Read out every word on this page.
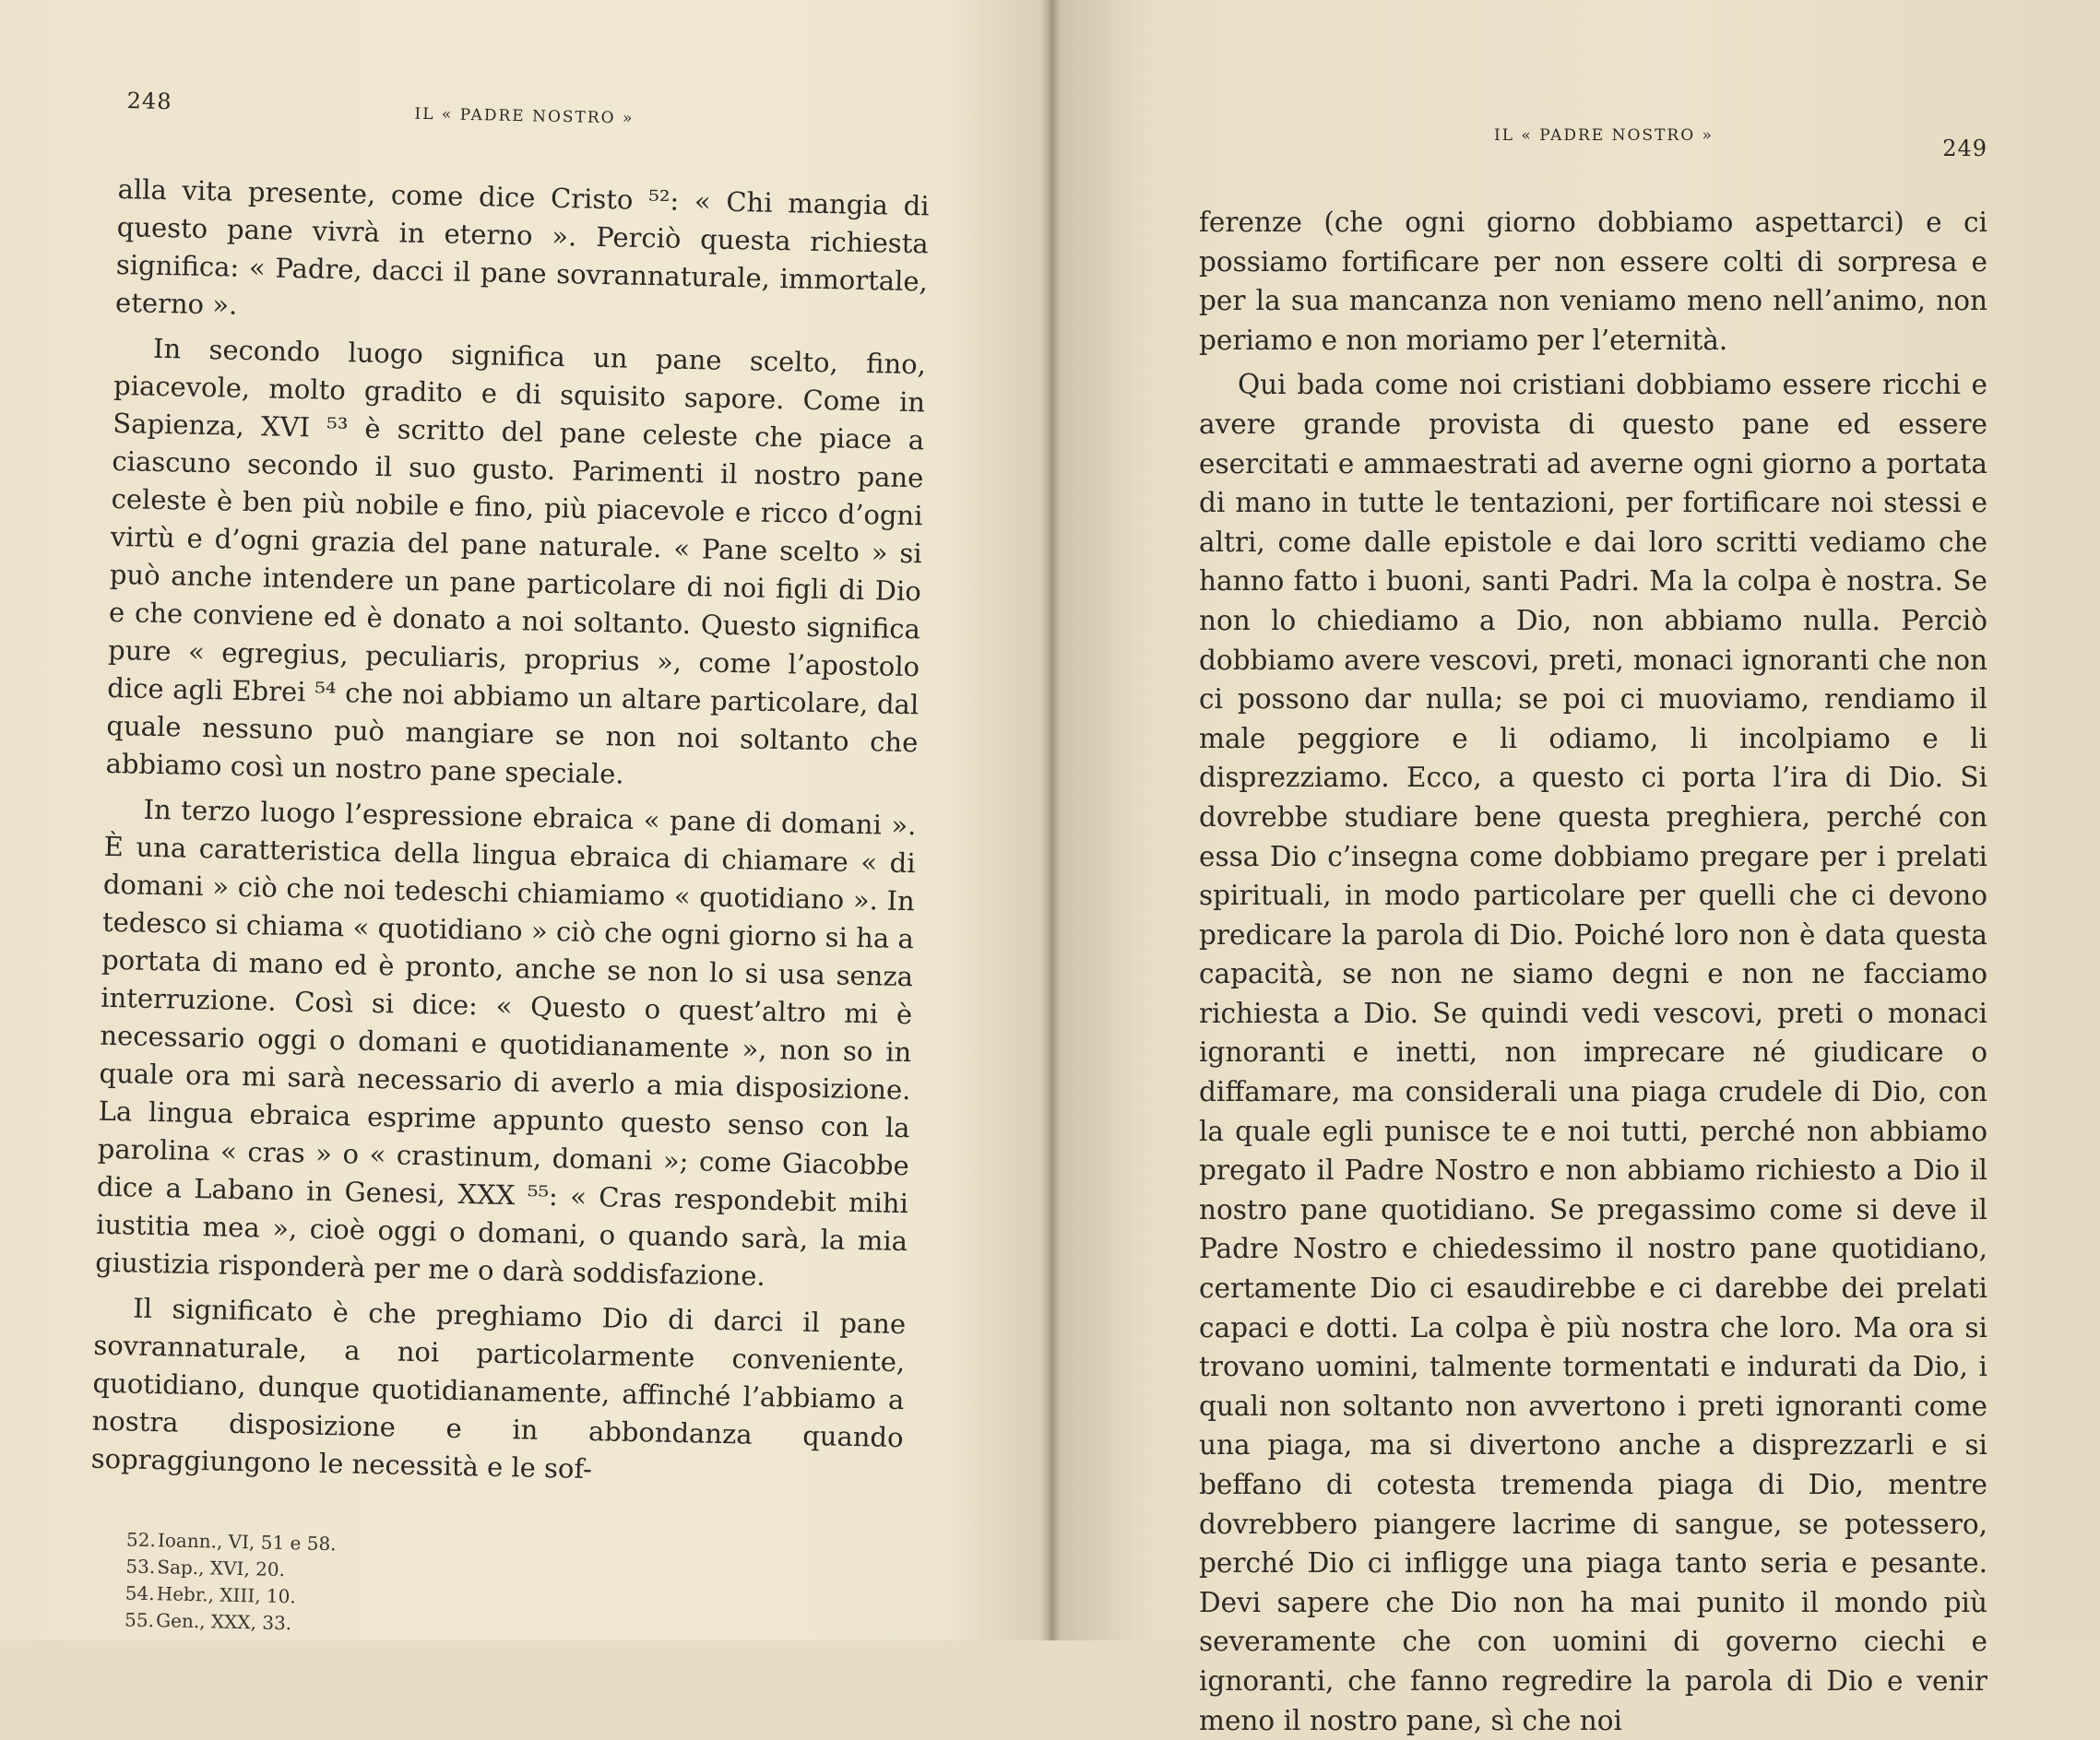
248
IL « PADRE NOSTRO »

alla vita presente, come dice Cristo ⁵²: « Chi mangia di questo pane vivrà in eterno ». Perciò questa richiesta significa: « Padre, dacci il pane sovrannaturale, immortale, eterno ».

In secondo luogo significa un pane scelto, fino, piacevole, molto gradito e di squisito sapore. Come in Sapienza, XVI ⁵³ è scritto del pane celeste che piace a ciascuno secondo il suo gusto. Parimenti il nostro pane celeste è ben più nobile e fino, più piacevole e ricco d’ogni virtù e d’ogni grazia del pane naturale. « Pane scelto » si può anche intendere un pane particolare di noi figli di Dio e che conviene ed è donato a noi soltanto. Questo significa pure « egregius, peculiaris, proprius », come l’apostolo dice agli Ebrei ⁵⁴ che noi abbiamo un altare particolare, dal quale nessuno può mangiare se non noi soltanto che abbiamo così un nostro pane speciale.

In terzo luogo l’espressione ebraica « pane di domani ». È una caratteristica della lingua ebraica di chiamare « di domani » ciò che noi tedeschi chiamiamo « quotidiano ». In tedesco si chiama « quotidiano » ciò che ogni giorno si ha a portata di mano ed è pronto, anche se non lo si usa senza interruzione. Così si dice: « Questo o quest’altro mi è necessario oggi o domani e quotidianamente », non so in quale ora mi sarà necessario di averlo a mia disposizione. La lingua ebraica esprime appunto questo senso con la parolina « cras » o « crastinum, domani »; come Giacobbe dice a Labano in Genesi, XXX ⁵⁵: « Cras respondebit mihi iustitia mea », cioè oggi o domani, o quando sarà, la mia giustizia risponderà per me o darà soddisfazione.

Il significato è che preghiamo Dio di darci il pane sovrannaturale, a noi particolarmente conveniente, quotidiano, dunque quotidianamente, affinché l’abbiamo a nostra disposizione e in abbondanza quando sopraggiungono le necessità e le sof-

52.Ioann., VI, 51 e 58.
53.Sap., XVI, 20.
54.Hebr., XIII, 10.
55.Gen., XXX, 33.
IL « PADRE NOSTRO »	249

ferenze (che ogni giorno dobbiamo aspettarci) e ci possiamo fortificare per non essere colti di sorpresa e per la sua mancanza non veniamo meno nell’animo, non periamo e non moriamo per l’eternità.

Qui bada come noi cristiani dobbiamo essere ricchi e avere grande provista di questo pane ed essere esercitati e ammaestrati ad averne ogni giorno a portata di mano in tutte le tentazioni, per fortificare noi stessi e altri, come dalle epistole e dai loro scritti vediamo che hanno fatto i buoni, santi Padri. Ma la colpa è nostra. Se non lo chiediamo a Dio, non abbiamo nulla. Perciò dobbiamo avere vescovi, preti, monaci ignoranti che non ci possono dar nulla; se poi ci muoviamo, rendiamo il male peggiore e li odiamo, li incolpiamo e li disprezziamo. Ecco, a questo ci porta l’ira di Dio. Si dovrebbe studiare bene questa preghiera, perché con essa Dio c’insegna come dobbiamo pregare per i prelati spirituali, in modo particolare per quelli che ci devono predicare la parola di Dio. Poiché loro non è data questa capacità, se non ne siamo degni e non ne facciamo richiesta a Dio. Se quindi vedi vescovi, preti o monaci ignoranti e inetti, non imprecare né giudicare o diffamare, ma considerali una piaga crudele di Dio, con la quale egli punisce te e noi tutti, perché non abbiamo pregato il Padre Nostro e non abbiamo richiesto a Dio il nostro pane quotidiano. Se pregassimo come si deve il Padre Nostro e chiedessimo il nostro pane quotidiano, certamente Dio ci esaudirebbe e ci darebbe dei prelati capaci e dotti. La colpa è più nostra che loro. Ma ora si trovano uomini, talmente tormentati e indurati da Dio, i quali non soltanto non avvertono i preti ignoranti come una piaga, ma si divertono anche a disprezzarli e si beffano di cotesta tremenda piaga di Dio, mentre dovrebbero piangere lacrime di sangue, se potessero, perché Dio ci infligge una piaga tanto seria e pesante. Devi sapere che Dio non ha mai punito il mondo più severamente che con uomini di governo ciechi e ignoranti, che fanno regredire la parola di Dio e venir meno il nostro pane, sì che noi
